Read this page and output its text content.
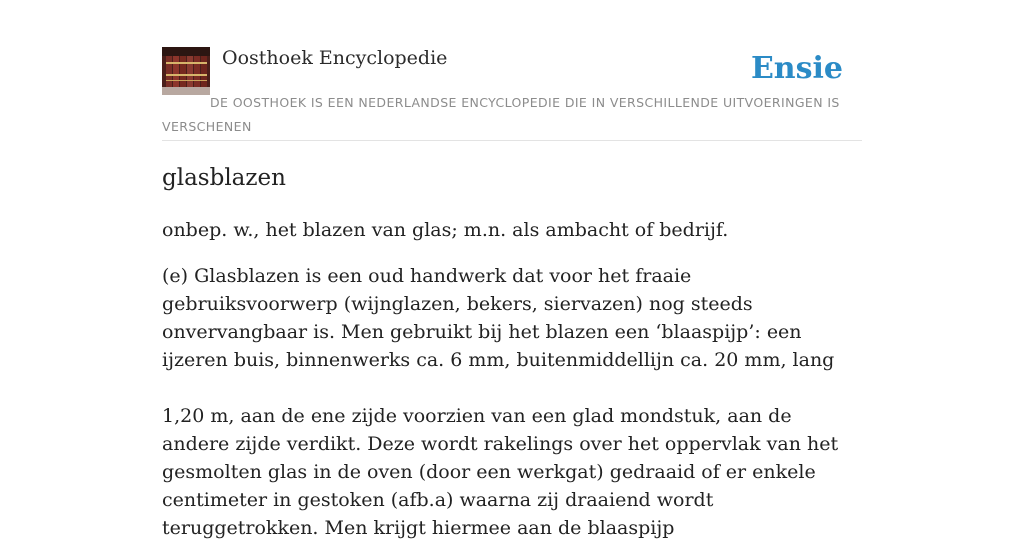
Oosthoek Encyclopedie	Ensie
DE OOSTHOEK IS EEN NEDERLANDSE ENCYCLOPEDIE DIE IN VERSCHILLENDE UITVOERINGEN IS VERSCHENEN
glasblazen

onbep. w., het blazen van glas; m.n. als ambacht of bedrijf.

(e) Glasblazen is een oud handwerk dat voor het fraaie gebruiksvoorwerp (wijnglazen, bekers, siervazen) nog steeds onvervangbaar is. Men gebruikt bij het blazen een ‘blaaspijp’: een ijzeren buis, binnenwerks ca. 6 mm, buitenmiddellijn ca. 20 mm, lang

1,20 m, aan de ene zijde voorzien van een glad mondstuk, aan de andere zijde verdikt. Deze wordt rakelings over het oppervlak van het gesmolten glas in de oven (door een werkgat) gedraaid of er enkele centimeter in gestoken (afb.a) waarna zij draaiend wordt teruggetrokken. Men krijgt hiermee aan de blaaspijp
